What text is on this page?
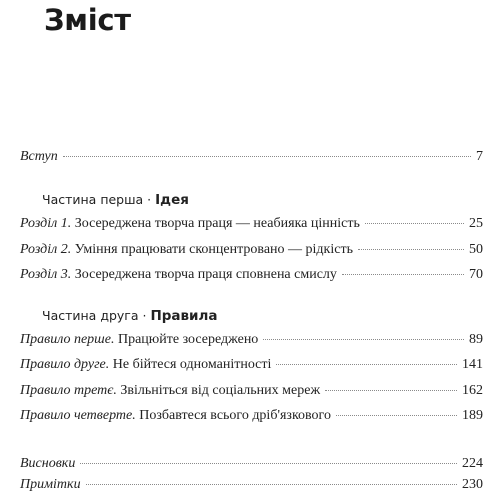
Зміст
Вступ	7
Частина перша · Ідея
Розділ 1. Зосереджена творча праця — неабияка цінність	25
Розділ 2. Уміння працювати сконцентровано — рідкість	50
Розділ 3. Зосереджена творча праця сповнена смислу	70
Частина друга · Правила
Правило перше. Працюйте зосереджено	89
Правило друге. Не бійтеся одноманітності	141
Правило третє. Звільніться від соціальних мереж	162
Правило четверте. Позбавтеся всього дріб'язкового	189
Висновки	224
Примітки	230
